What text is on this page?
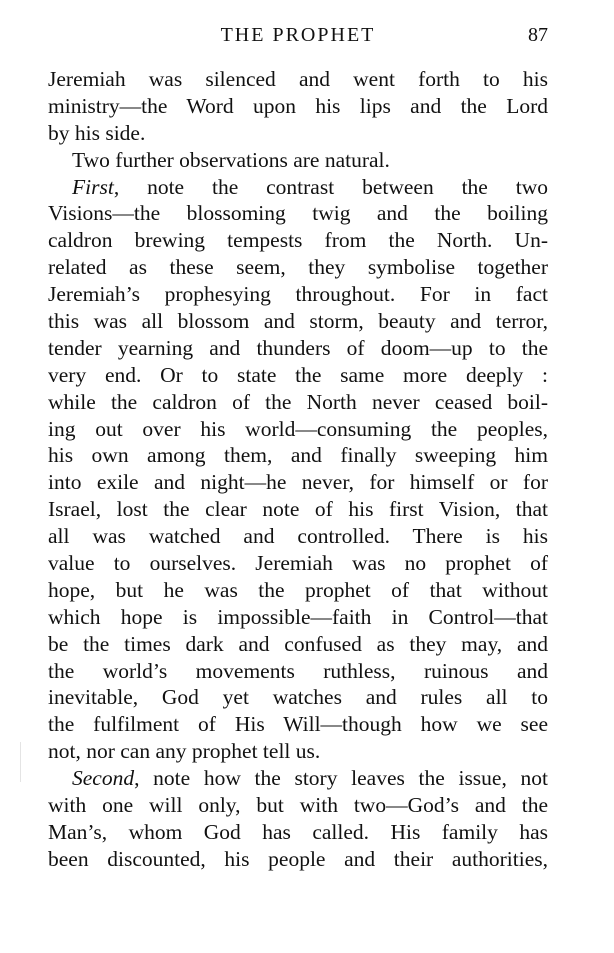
THE PROPHET	87
Jeremiah was silenced and went forth to his
ministry—the Word upon his lips and the Lord
by his side.
Two further observations are natural.
First, note the contrast between the two
Visions—the blossoming twig and the boiling
caldron brewing tempests from the North. Un-
related as these seem, they symbolise together
Jeremiah’s prophesying throughout. For in fact
this was all blossom and storm, beauty and terror,
tender yearning and thunders of doom—up to the
very end. Or to state the same more deeply :
while the caldron of the North never ceased boil-
ing out over his world—consuming the peoples,
his own among them, and finally sweeping him
into exile and night—he never, for himself or for
Israel, lost the clear note of his first Vision, that
all was watched and controlled. There is his
value to ourselves. Jeremiah was no prophet of
hope, but he was the prophet of that without
which hope is impossible—faith in Control—that
be the times dark and confused as they may, and
the world’s movements ruthless, ruinous and
inevitable, God yet watches and rules all to
the fulfilment of His Will—though how we see
not, nor can any prophet tell us.
Second, note how the story leaves the issue, not
with one will only, but with two—God’s and the
Man’s, whom God has called. His family has
been discounted, his people and their authorities,
